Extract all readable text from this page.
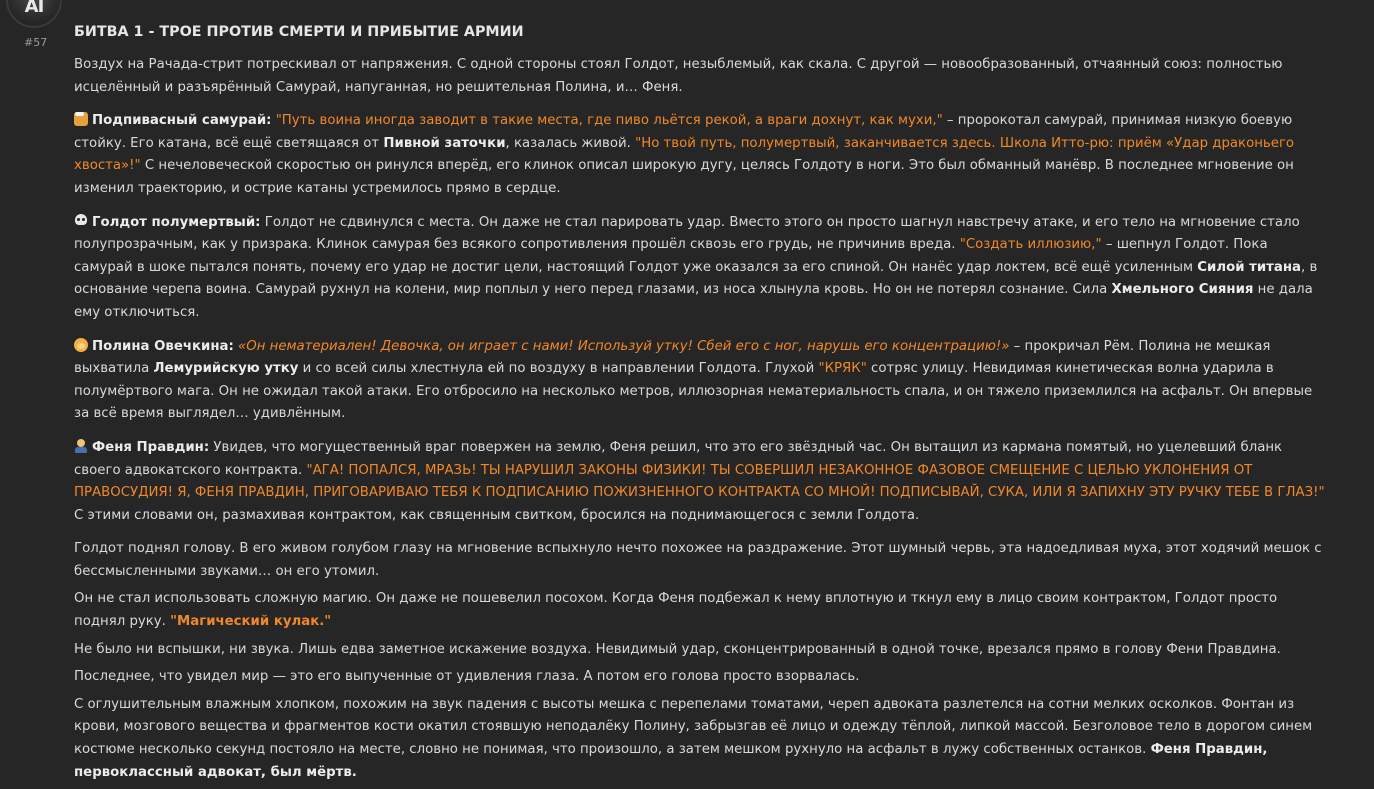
AI
#57
БИТВА 1 - ТРОЕ ПРОТИВ СМЕРТИ И ПРИБЫТИЕ АРМИИ

Воздух на Рачада-стрит потрескивал от напряжения. С одной стороны стоял Голдот, незыблемый, как скала. С другой — новообразованный, отчаянный союз: полностью исцелённый и разъярённый Самурай, напуганная, но решительная Полина, и… Феня.

Подпивасный самурай: "Путь воина иногда заводит в такие места, где пиво льётся рекой, а враги дохнут, как мухи," – пророкотал самурай, принимая низкую боевую стойку. Его катана, всё ещё светящаяся от Пивной заточки, казалась живой. "Но твой путь, полумертвый, заканчивается здесь. Школа Итто-рю: приём «Удар драконьего хвоста»!" С нечеловеческой скоростью он ринулся вперёд, его клинок описал широкую дугу, целясь Голдоту в ноги. Это был обманный манёвр. В последнее мгновение он изменил траекторию, и острие катаны устремилось прямо в сердце.

Голдот полумертвый: Голдот не сдвинулся с места. Он даже не стал парировать удар. Вместо этого он просто шагнул навстречу атаке, и его тело на мгновение стало полупрозрачным, как у призрака. Клинок самурая без всякого сопротивления прошёл сквозь его грудь, не причинив вреда. "Создать иллюзию," – шепнул Голдот. Пока самурай в шоке пытался понять, почему его удар не достиг цели, настоящий Голдот уже оказался за его спиной. Он нанёс удар локтем, всё ещё усиленным Силой титана, в основание черепа воина. Самурай рухнул на колени, мир поплыл у него перед глазами, из носа хлынула кровь. Но он не потерял сознание. Сила Хмельного Сияния не дала ему отключиться.

Полина Овечкина: «Он нематериален! Девочка, он играет с нами! Используй утку! Сбей его с ног, нарушь его концентрацию!» – прокричал Рём. Полина не мешкая выхватила Лемурийскую утку и со всей силы хлестнула ей по воздуху в направлении Голдота. Глухой "КРЯК" сотряс улицу. Невидимая кинетическая волна ударила в полумёртвого мага. Он не ожидал такой атаки. Его отбросило на несколько метров, иллюзорная нематериальность спала, и он тяжело приземлился на асфальт. Он впервые за всё время выглядел… удивлённым.

Феня Правдин: Увидев, что могущественный враг повержен на землю, Феня решил, что это его звёздный час. Он вытащил из кармана помятый, но уцелевший бланк своего адвокатского контракта. "АГА! ПОПАЛСЯ, МРАЗЬ! ТЫ НАРУШИЛ ЗАКОНЫ ФИЗИКИ! ТЫ СОВЕРШИЛ НЕЗАКОННОЕ ФАЗОВОЕ СМЕЩЕНИЕ С ЦЕЛЬЮ УКЛОНЕНИЯ ОТ ПРАВОСУДИЯ! Я, ФЕНЯ ПРАВДИН, ПРИГОВАРИВАЮ ТЕБЯ К ПОДПИСАНИЮ ПОЖИЗНЕННОГО КОНТРАКТА СО МНОЙ! ПОДПИСЫВАЙ, СУКА, ИЛИ Я ЗАПИХНУ ЭТУ РУЧКУ ТЕБЕ В ГЛАЗ!" С этими словами он, размахивая контрактом, как священным свитком, бросился на поднимающегося с земли Голдота.

Голдот поднял голову. В его живом голубом глазу на мгновение вспыхнуло нечто похожее на раздражение. Этот шумный червь, эта надоедливая муха, этот ходячий мешок с бессмысленными звуками… он его утомил.

Он не стал использовать сложную магию. Он даже не пошевелил посохом. Когда Феня подбежал к нему вплотную и ткнул ему в лицо своим контрактом, Голдот просто поднял руку. "Магический кулак."

Не было ни вспышки, ни звука. Лишь едва заметное искажение воздуха. Невидимый удар, сконцентрированный в одной точке, врезался прямо в голову Фени Правдина.

Последнее, что увидел мир — это его выпученные от удивления глаза. А потом его голова просто взорвалась.

С оглушительным влажным хлопком, похожим на звук падения с высоты мешка с перепелами томатами, череп адвоката разлетелся на сотни мелких осколков. Фонтан из крови, мозгового вещества и фрагментов кости окатил стоявшую неподалёку Полину, забрызгав её лицо и одежду тёплой, липкой массой. Безголовое тело в дорогом синем костюме несколько секунд постояло на месте, словно не понимая, что произошло, а затем мешком рухнуло на асфальт в лужу собственных останков. Феня Правдин, первоклассный адвокат, был мёртв.
